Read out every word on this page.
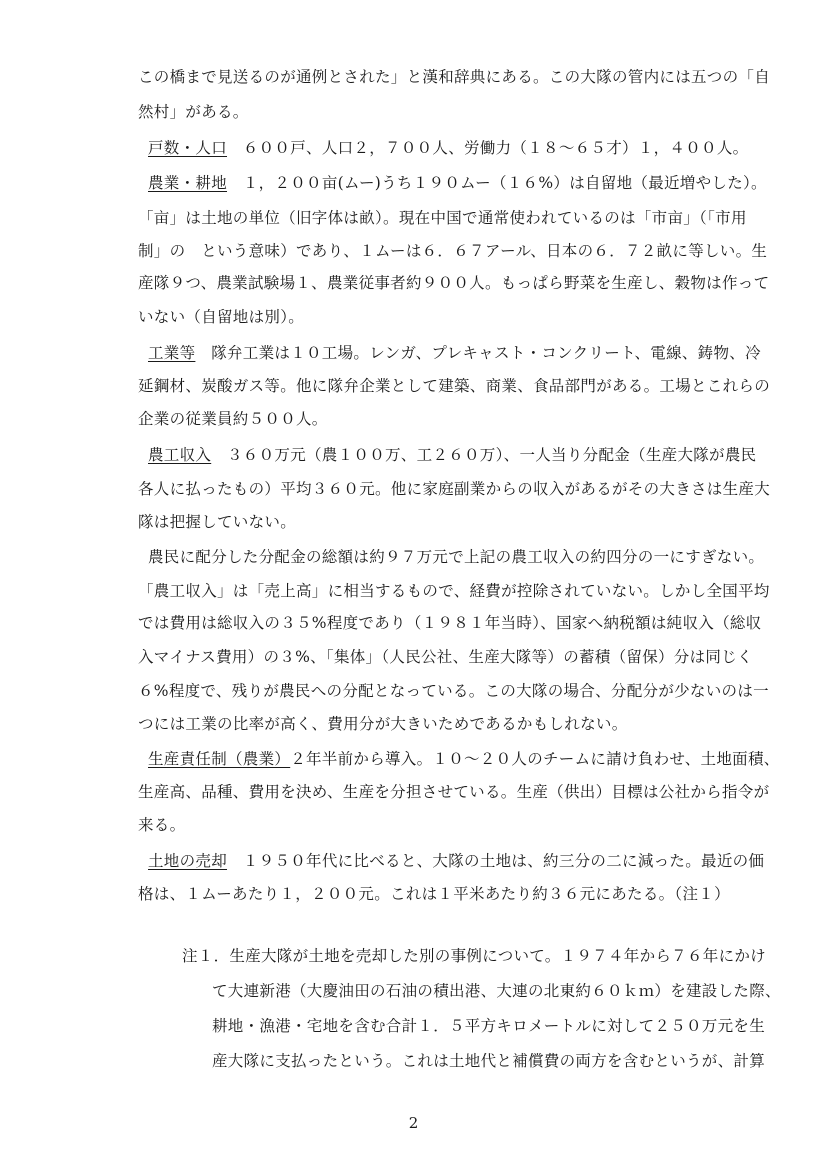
この橋まで見送るのが通例とされた」と漢和辞典にある。この大隊の管内には五つの「自
然村」がある。
戸数・人口　６００戸、人口２，７００人、労働力（１８〜６５才）１，４００人。
農業・耕地　１，２００亩(ムー)うち１９０ムー（１６%）は自留地（最近増やした）。
「亩」は土地の単位（旧字体は畝）。現在中国で通常使われているのは「市亩」（「市用
制」の　という意味）であり、１ムーは６．６７アール、日本の６．７２畝に等しい。生
産隊９つ、農業試験場１、農業従事者約９００人。もっぱら野菜を生産し、穀物は作って
いない（自留地は別）。
工業等　隊弁工業は１０工場。レンガ、プレキャスト・コンクリート、電線、鋳物、冷
延鋼材、炭酸ガス等。他に隊弁企業として建築、商業、食品部門がある。工場とこれらの
企業の従業員約５００人。
農工収入　３６０万元（農１００万、工２６０万）、一人当り分配金（生産大隊が農民
各人に払ったもの）平均３６０元。他に家庭副業からの収入があるがその大きさは生産大
隊は把握していない。
農民に配分した分配金の総額は約９７万元で上記の農工収入の約四分の一にすぎない。
「農工収入」は「売上高」に相当するもので、経費が控除されていない。しかし全国平均
では費用は総収入の３５%程度であり（１９８１年当時）、国家へ納税額は純収入（総収
入マイナス費用）の３%、「集体」（人民公社、生産大隊等）の蓄積（留保）分は同じく
６%程度で、残りが農民への分配となっている。この大隊の場合、分配分が少ないのは一
つには工業の比率が高く、費用分が大きいためであるかもしれない。
生産責任制（農業）２年半前から導入。１０〜２０人のチームに請け負わせ、土地面積、
生産高、品種、費用を決め、生産を分担させている。生産（供出）目標は公社から指令が
来る。
土地の売却　１９５０年代に比べると、大隊の土地は、約三分の二に減った。最近の価
格は、１ムーあたり１，２００元。これは１平米あたり約３６元にあたる。（注１）
注１．生産大隊が土地を売却した別の事例について。１９７４年から７６年にかけ
て大連新港（大慶油田の石油の積出港、大連の北東約６０ｋｍ）を建設した際、
耕地・漁港・宅地を含む合計１．５平方キロメートルに対して２５０万元を生
産大隊に支払ったという。これは土地代と補償費の両方を含むというが、計算
2
